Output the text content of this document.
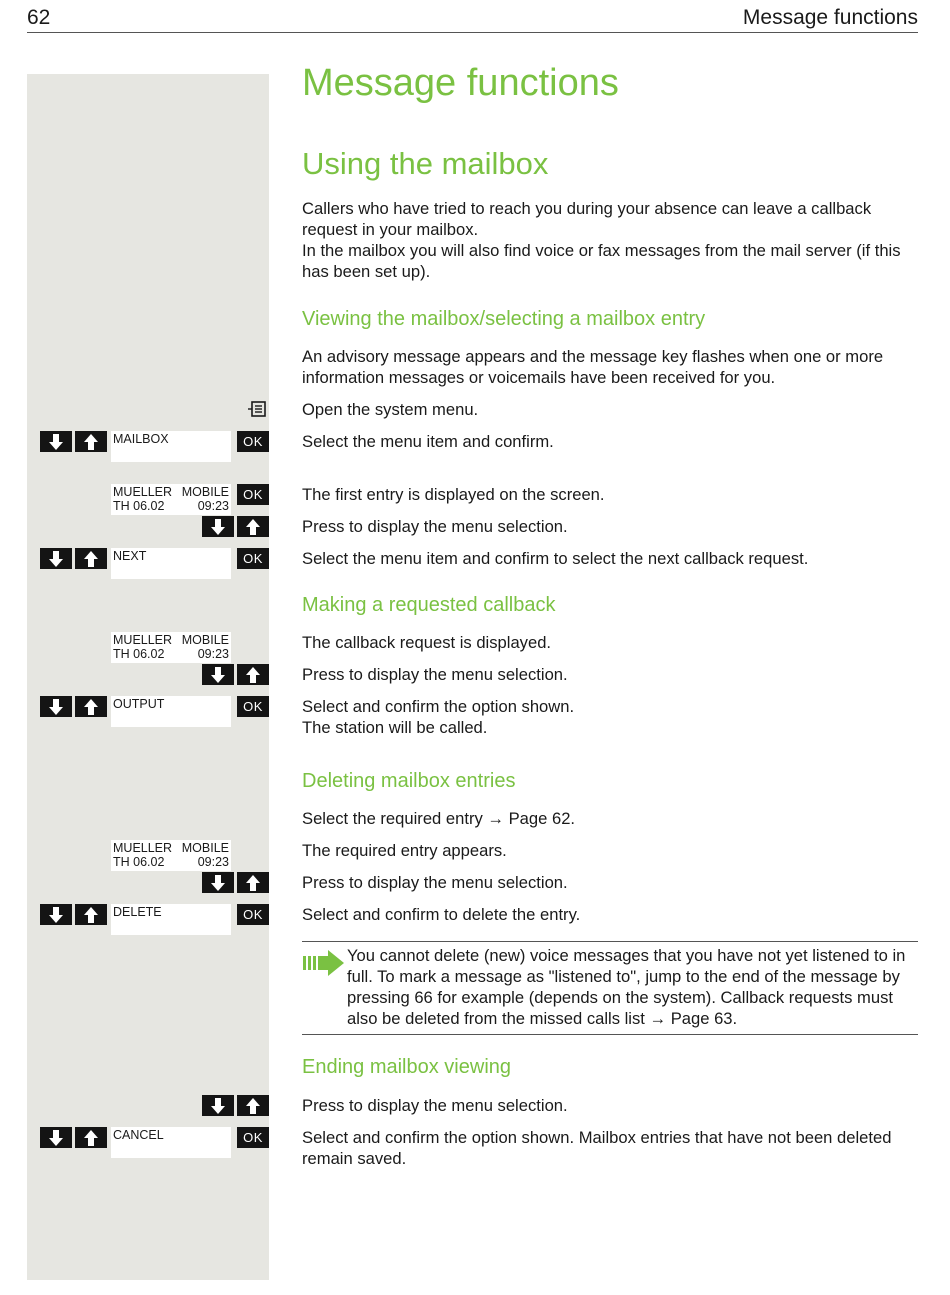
62	Message functions
Message functions
Using the mailbox
Callers who have tried to reach you during your absence can leave a callback request in your mailbox.
In the mailbox you will also find voice or fax messages from the mail server (if this has been set up).
Viewing the mailbox/selecting a mailbox entry
An advisory message appears and the message key flashes when one or more information messages or voicemails have been received for you.
Open the system menu.
MAILBOX	OK	Select the menu item and confirm.
MUELLER MOBILE
TH 06.02	09:23
OK	The first entry is displayed on the screen.
Press to display the menu selection.
NEXT	OK	Select the menu item and confirm to select the next callback request.
Making a requested callback
MUELLER MOBILE
TH 06.02	09:23
The callback request is displayed.
Press to display the menu selection.
OUTPUT	OK	Select and confirm the option shown.
The station will be called.
Deleting mailbox entries
Select the required entry → Page 62.
MUELLER MOBILE
TH 06.02	09:23
The required entry appears.
Press to display the menu selection.
DELETE	OK	Select and confirm to delete the entry.
You cannot delete (new) voice messages that you have not yet listened to in full. To mark a message as "listened to", jump to the end of the message by pressing 66 for example (depends on the system). Callback requests must also be deleted from the missed calls list → Page 63.
Ending mailbox viewing
Press to display the menu selection.
CANCEL	OK	Select and confirm the option shown. Mailbox entries that have not been deleted remain saved.
